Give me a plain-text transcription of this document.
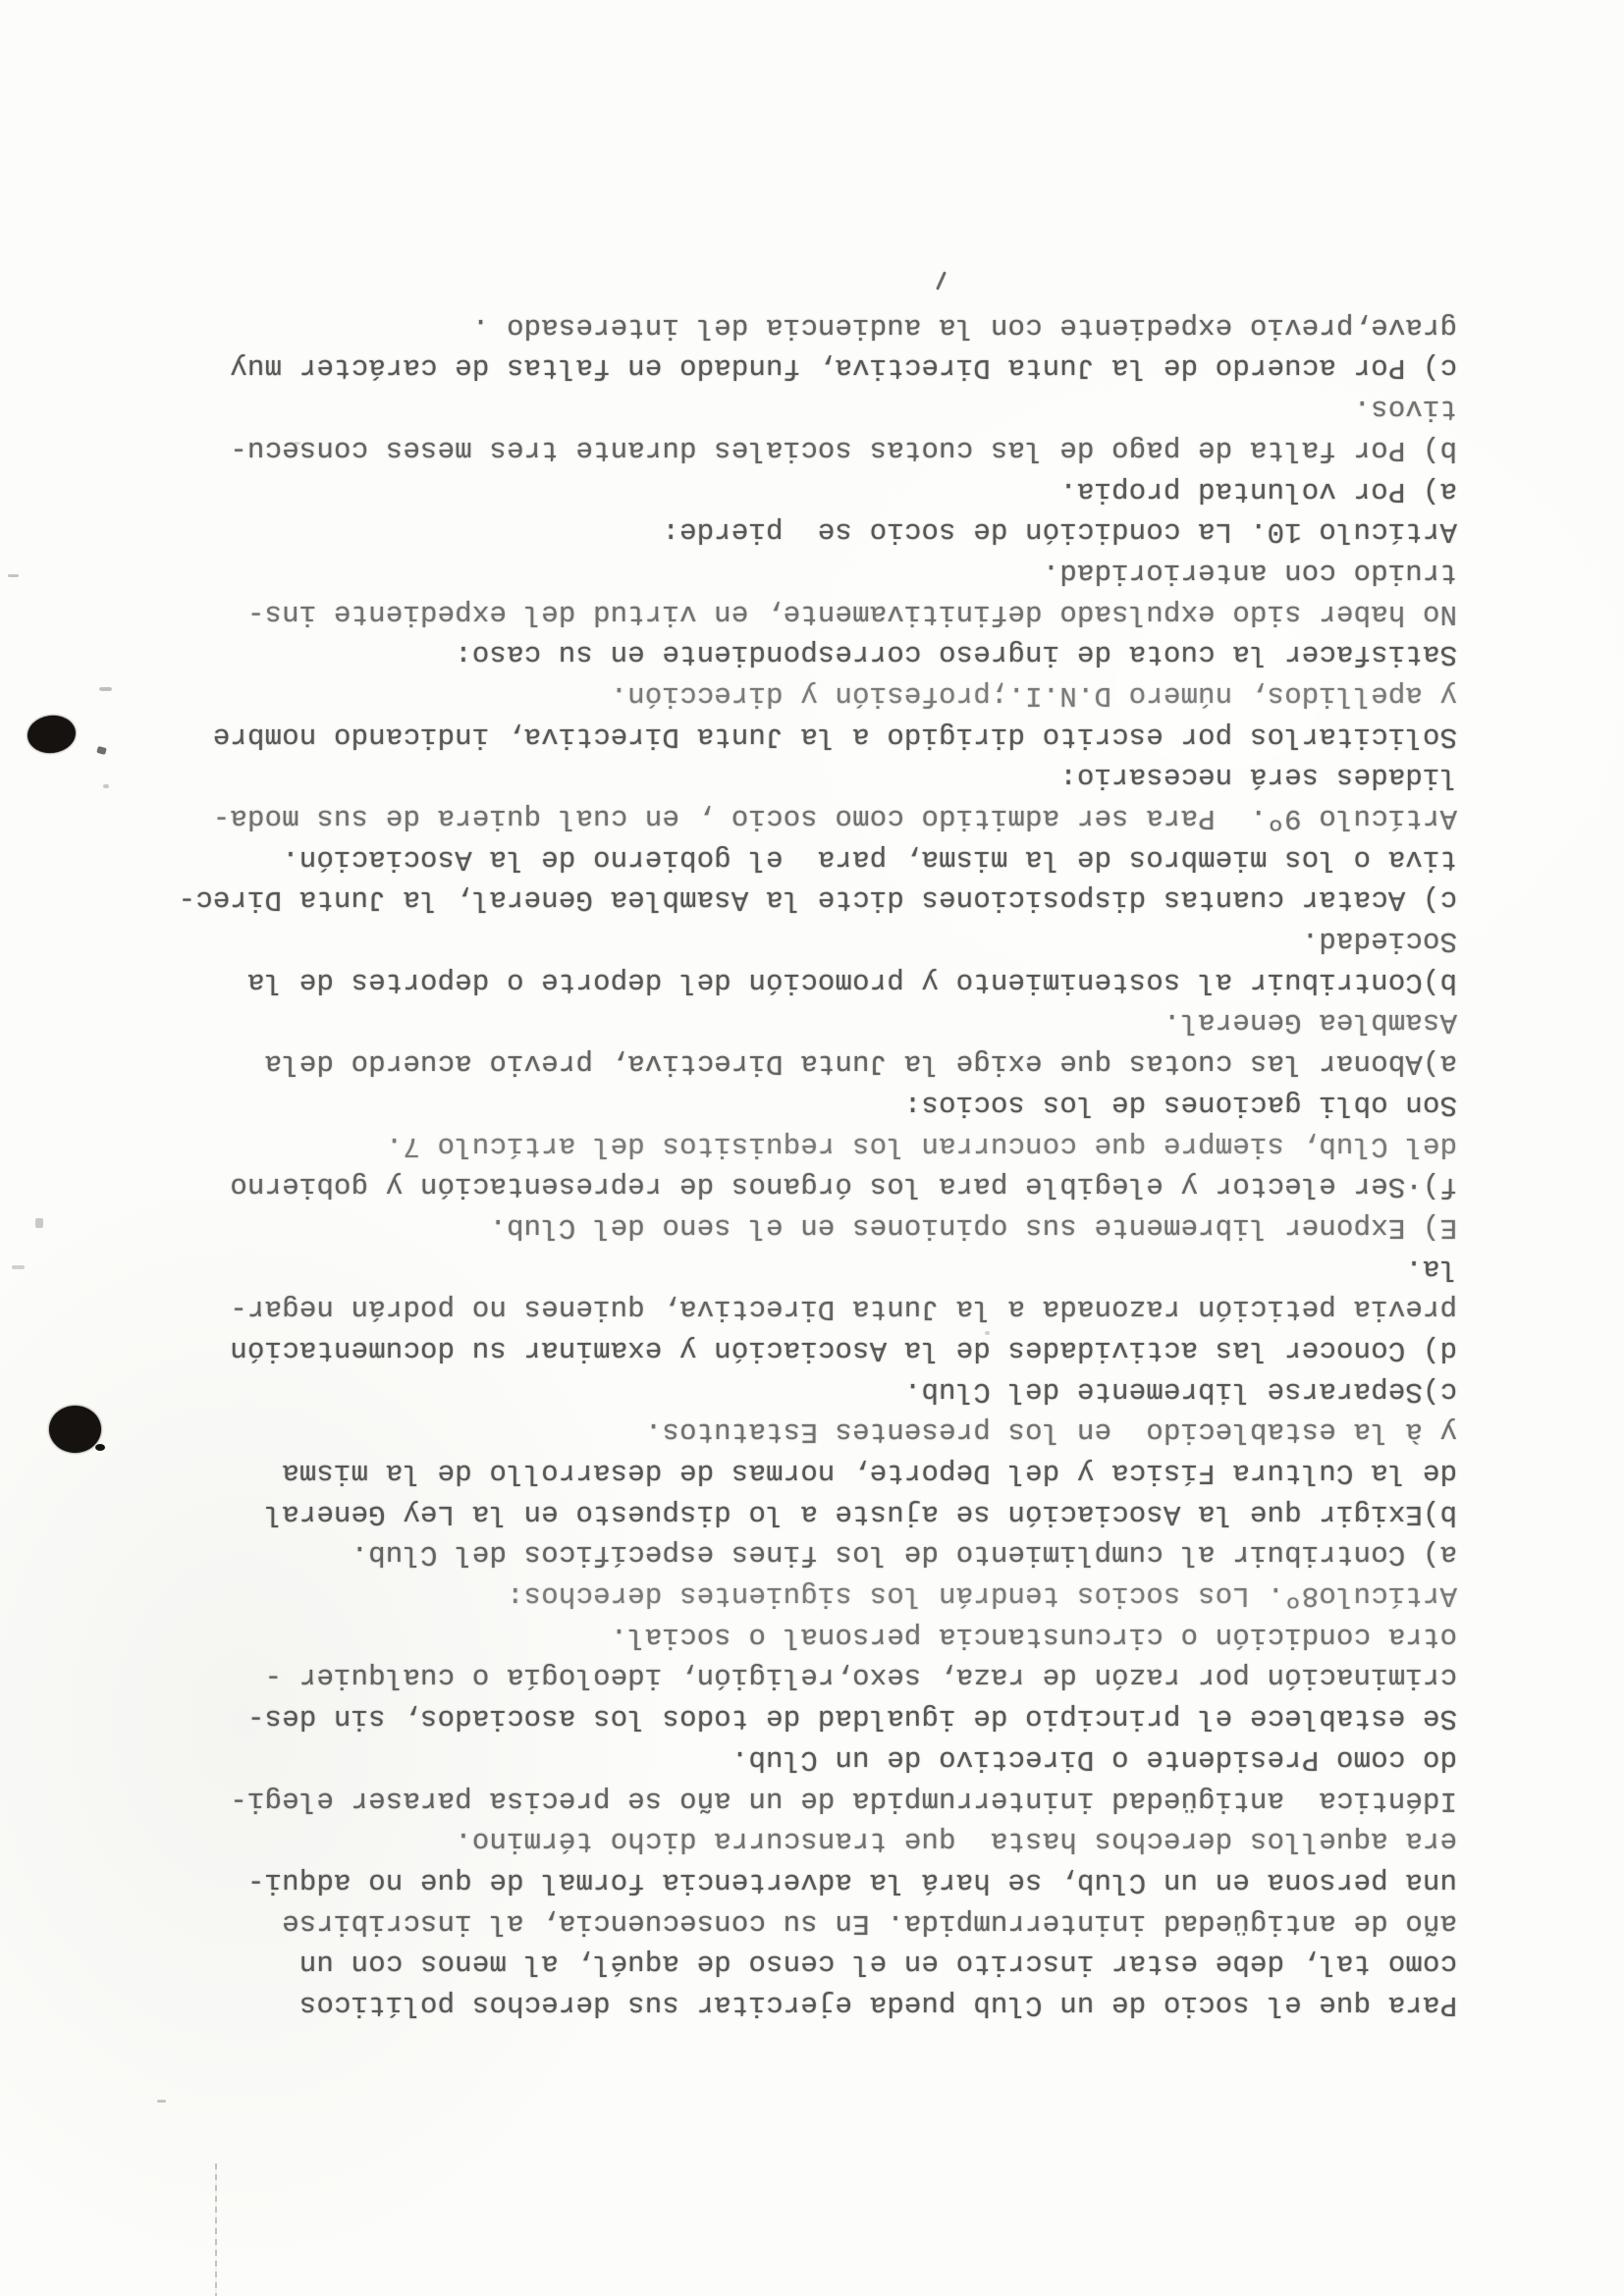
Para que el socio de un Club pueda ejercitar sus derechos políticos
como tal, debe estar inscrito en el censo de aquél, al menos con un
año de antigüedad ininterrumpida. En su consecuencia, al inscribirse
una persona en un Club, se hará la advertencia formal de que no adqui-
era aquellos derechos hasta  que transcurra dicho término.
Idéntica  antigüedad ininterrumpida de un año se precisa paraser elegi-
do como Presidente o Directivo de un Club.
Se establece el principio de igualdad de todos los asociados, sin des-
criminación por razón de raza, sexo,religión, ideología o cualquier -
otra condición o circunstancia personal o social.
Artículo8º. Los socios tendrán los siguientes derechos:
a) Contribuir al cumplimiento de los fines específicos del Club.
b)Exigir que la Asociación se ajuste a lo dispuesto en la Ley General
de la Cultura Física y del Deporte, normas de desarrollo de la misma
y à la establecido  en los presentes Estatutos.
c)Separarse libremente del Club.
d) Conocer las actividades de la Asociación y examinar su documentación
previa petición razonada a la Junta Directiva, quienes no podrán negar-
la.
E) Exponer libremente sus opiniones en el seno del Club.
f)·Ser elector y elegible para los órganos de representación y gobierno
del Club, siempre que concurran los requisitos del artículo 7.
Son obli gaciones de los socios:
a)Abonar las cuotas que exige la Junta Directiva, previo acuerdo dela
Asamblea General.
b)Contribuir al sostenimiento y promoción del deporte o deportes de la
Sociedad.
c) Acatar cuantas disposiciones dicte la Asamblea General, la Junta Direc-
tiva o los miembros de la misma, para  el gobierno de la Asociación.
Artículo 9º.  Para ser admitido como socio , en cual quiera de sus moda-
lidades será necesario:
Solicitarlos por escrito dirigido a la Junta Directiva, indicando nombre
y apellidos, número D.N.I.;profesión y dirección.
Satisfacer la cuota de ingreso correspondiente en su caso:
No haber sido expulsado definitivamente, en virtud del expediente ins-
truido con anterioridad.
Artículo 10. La condición de socio se  pierde:
a) Por voluntad propia.
b) Por falta de pago de las cuotas sociales durante tres meses consecu-
tivos.
c) Por acuerdo de la Junta Directiva, fundado en faltas de carácter muy
grave,previo expediente con la audiencia del interesado .
